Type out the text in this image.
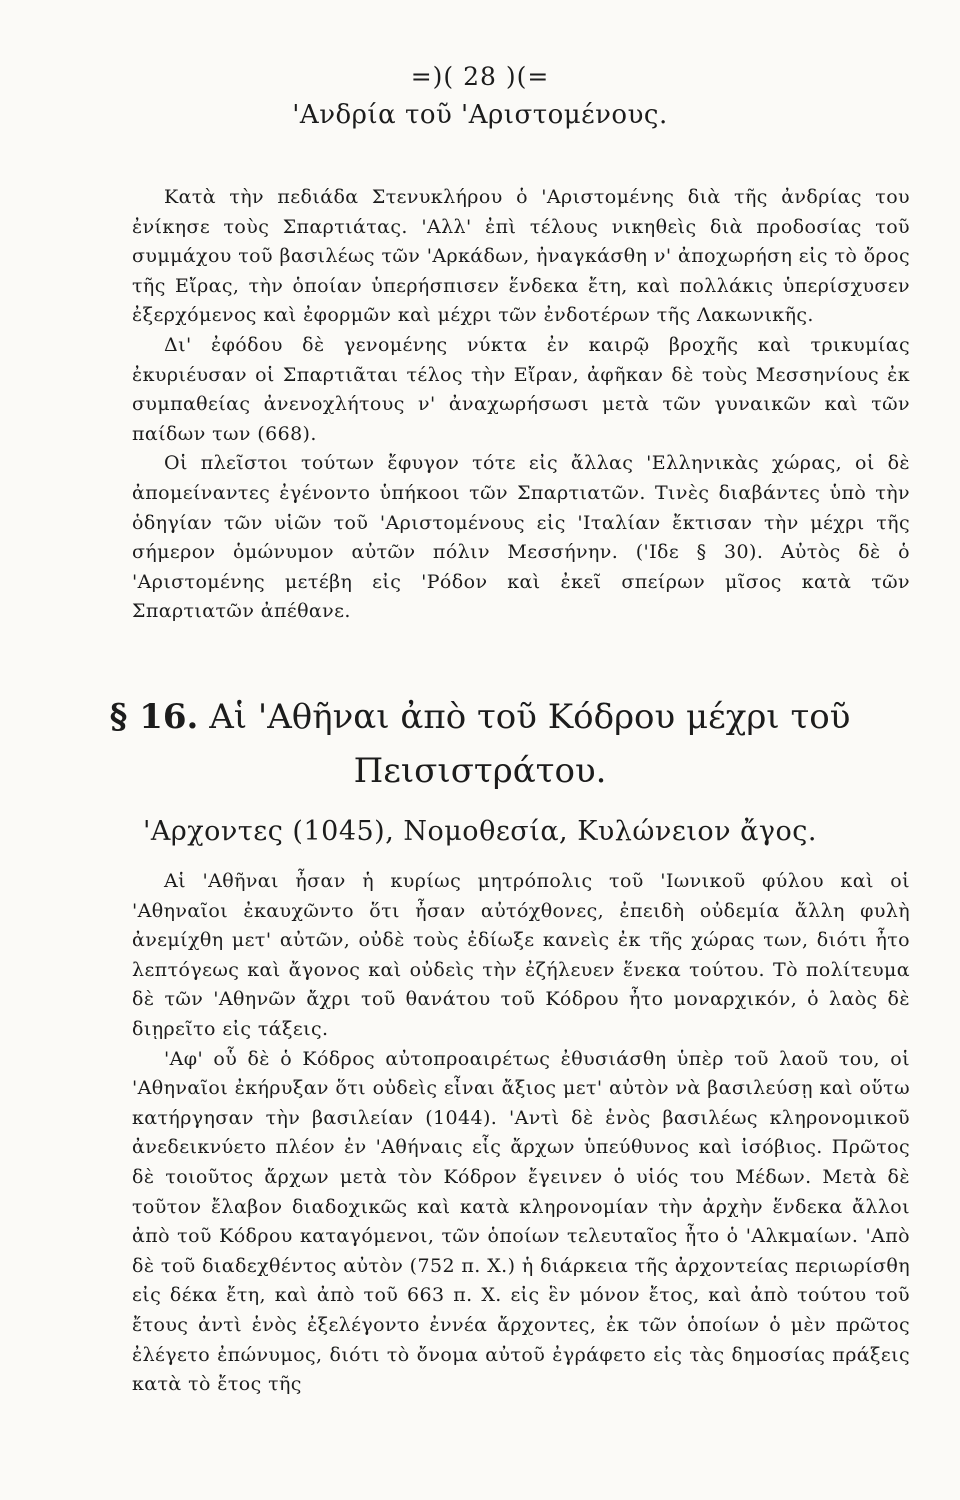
=)( 28 )(=
'Ανδρία τοῦ 'Αριστομένους.

Κατὰ τὴν πεδιάδα Στενυκλήρου ὁ 'Αριστομένης διὰ τῆς ἀνδρίας του ἐνίκησε τοὺς Σπαρτιάτας. 'Αλλ' ἐπὶ τέλους νικηθεὶς διὰ προδοσίας τοῦ συμμάχου τοῦ βασιλέως τῶν 'Αρκάδων, ἠναγκάσθη ν' ἀποχωρήση εἰς τὸ ὄρος τῆς Εἴρας, τὴν ὁποίαν ὑπερήσπισεν ἕνδεκα ἔτη, καὶ πολλάκις ὑπερίσχυσεν ἐξερχόμενος καὶ ἐφορμῶν καὶ μέχρι τῶν ἐνδοτέρων τῆς Λακωνικῆς.

Δι' ἐφόδου δὲ γενομένης νύκτα ἐν καιρῷ βροχῆς καὶ τρικυμίας ἐκυριέυσαν οἱ Σπαρτιᾶται τέλος τὴν Εἴραν, ἀφῆκαν δὲ τοὺς Μεσσηνίους ἐκ συμπαθείας ἀνενοχλήτους ν' ἀναχωρήσωσι μετὰ τῶν γυναικῶν καὶ τῶν παίδων των (668).

Οἱ πλεῖστοι τούτων ἔφυγον τότε εἰς ἄλλας 'Ελληνικὰς χώρας, οἱ δὲ ἀπομείναντες ἐγένοντο ὑπήκοοι τῶν Σπαρτιατῶν. Τινὲς διαβάντες ὑπὸ τὴν ὁδηγίαν τῶν υἱῶν τοῦ 'Αριστομένους εἰς 'Ιταλίαν ἔκτισαν τὴν μέχρι τῆς σήμερον ὁμώνυμον αὐτῶν πόλιν Μεσσήνην. ('Ιδε § 30). Αὐτὸς δὲ ὁ 'Αριστομένης μετέβη εἰς 'Ρόδον καὶ ἐκεῖ σπείρων μῖσος κατὰ τῶν Σπαρτιατῶν ἀπέθανε.

§ 16. Αἱ 'Αθῆναι ἀπὸ τοῦ Κόδρου μέχρι τοῦ
Πεισιστράτου.
'Αρχοντες (1045), Νομοθεσία, Κυλώνειον ἄγος.

Αἱ 'Αθῆναι ἦσαν ἡ κυρίως μητρόπολις τοῦ 'Ιωνικοῦ φύλου καὶ οἱ 'Αθηναῖοι ἐκαυχῶντο ὅτι ἦσαν αὐτόχθονες, ἐπειδὴ οὐδεμία ἄλλη φυλὴ ἀνεμίχθη μετ' αὐτῶν, οὐδὲ τοὺς ἐδίωξε κανεὶς ἐκ τῆς χώρας των, διότι ἦτο λεπτόγεως καὶ ἄγονος καὶ οὐδεὶς τὴν ἐζήλευεν ἕνεκα τούτου. Τὸ πολίτευμα δὲ τῶν 'Αθηνῶν ἄχρι τοῦ θανάτου τοῦ Κόδρου ἦτο μοναρχικόν, ὁ λαὸς δὲ διῃρεῖτο εἰς τάξεις.

'Αφ' οὗ δὲ ὁ Κόδρος αὐτοπροαιρέτως ἐθυσιάσθη ὑπὲρ τοῦ λαοῦ του, οἱ 'Αθηναῖοι ἐκήρυξαν ὅτι οὐδεὶς εἶναι ἄξιος μετ' αὐτὸν νὰ βασιλεύσῃ καὶ οὕτω κατήργησαν τὴν βασιλείαν (1044). 'Αντὶ δὲ ἑνὸς βασιλέως κληρονομικοῦ ἀνεδεικνύετο πλέον ἐν 'Αθήναις εἷς ἄρχων ὑπεύθυνος καὶ ἰσόβιος. Πρῶτος δὲ τοιοῦτος ἄρχων μετὰ τὸν Κόδρον ἔγεινεν ὁ υἱός του Μέδων. Μετὰ δὲ τοῦτον ἔλαβον διαδοχικῶς καὶ κατὰ κληρονομίαν τὴν ἀρχὴν ἕνδεκα ἄλλοι ἀπὸ τοῦ Κόδρου καταγόμενοι, τῶν ὁποίων τελευταῖος ἦτο ὁ 'Αλκμαίων. 'Απὸ δὲ τοῦ διαδεχθέντος αὐτὸν (752 π. Χ.) ἡ διάρκεια τῆς ἀρχοντείας περιωρίσθη εἰς δέκα ἔτη, καὶ ἀπὸ τοῦ 663 π. Χ. εἰς ἓν μόνον ἔτος, καὶ ἀπὸ τούτου τοῦ ἔτους ἀντὶ ἑνὸς ἐξελέγοντο ἐννέα ἄρχοντες, ἐκ τῶν ὁποίων ὁ μὲν πρῶτος ἐλέγετο ἐπώνυμος, διότι τὸ ὄνομα αὐτοῦ ἐγράφετο εἰς τὰς δημοσίας πράξεις κατὰ τὸ ἔτος τῆς
